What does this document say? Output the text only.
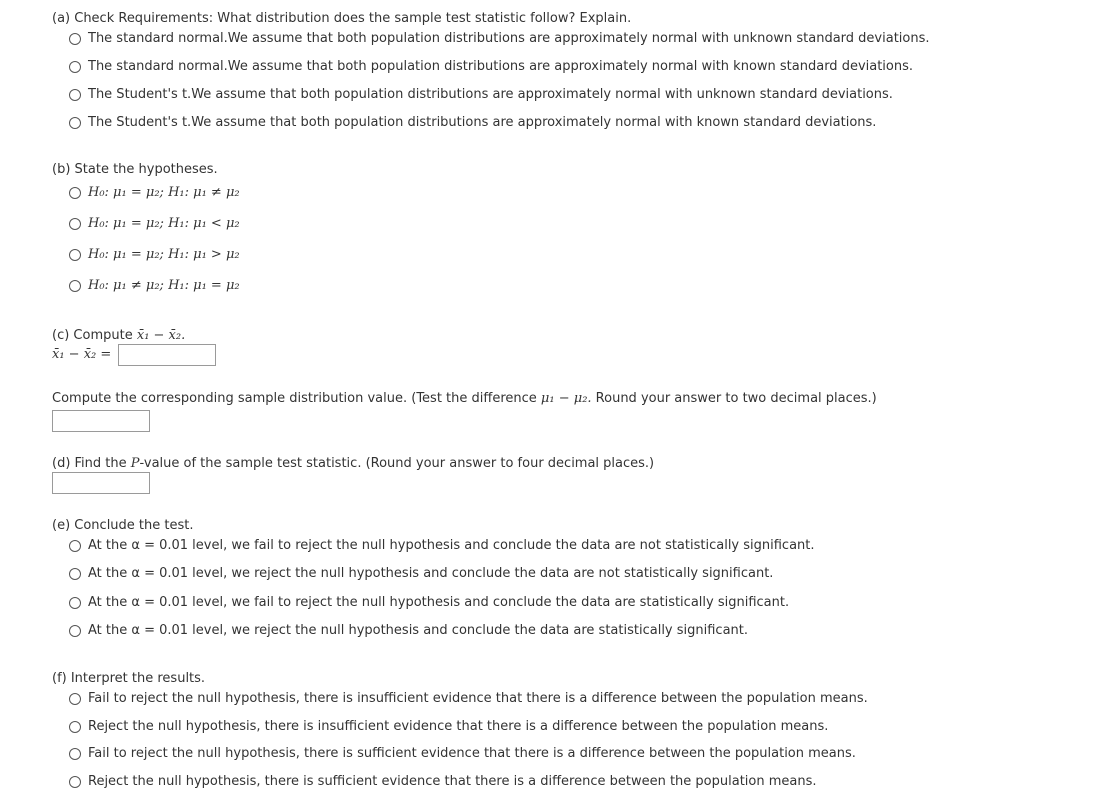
(a) Check Requirements: What distribution does the sample test statistic follow? Explain.
The standard normal. We assume that both population distributions are approximately normal with unknown standard deviations.
The standard normal. We assume that both population distributions are approximately normal with known standard deviations.
The Student's t. We assume that both population distributions are approximately normal with unknown standard deviations.
The Student's t. We assume that both population distributions are approximately normal with known standard deviations.
(b) State the hypotheses.
H₀: μ₁ = μ₂;
H₁: μ₁ ≠ μ₂
H₀: μ₁ = μ₂;
H₁: μ₁ < μ₂
H₀: μ₁ = μ₂;
H₁: μ₁ > μ₂
H₀: μ₁ ≠ μ₂;
H₁: μ₁ = μ₂
(c) Compute x̄₁ − x̄₂.
x̄₁ − x̄₂ =
Compute the corresponding sample distribution value. (Test the difference μ₁ − μ₂. Round your answer to two decimal places.)
(d) Find the P-value of the sample test statistic. (Round your answer to four decimal places.)
(e) Conclude the test.
At the α = 0.01 level, we fail to reject the null hypothesis and conclude the data are not statistically significant.
At the α = 0.01 level, we reject the null hypothesis and conclude the data are not statistically significant.
At the α = 0.01 level, we fail to reject the null hypothesis and conclude the data are statistically significant.
At the α = 0.01 level, we reject the null hypothesis and conclude the data are statistically significant.
(f) Interpret the results.
Fail to reject the null hypothesis, there is insufficient evidence that there is a difference between the population means.
Reject the null hypothesis, there is insufficient evidence that there is a difference between the population means.
Fail to reject the null hypothesis, there is sufficient evidence that there is a difference between the population means.
Reject the null hypothesis, there is sufficient evidence that there is a difference between the population means.
